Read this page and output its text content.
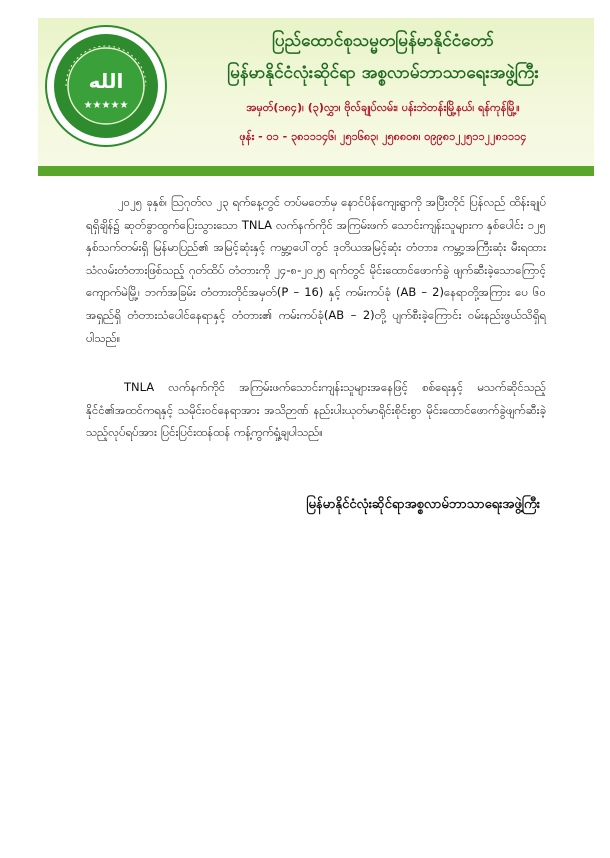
الله
★★★★★
ပြည်ထောင်စုသမ္မတမြန်မာနိုင်ငံတော်
မြန်မာနိုင်ငံလုံးဆိုင်ရာ အစ္စလာမ်ဘာသာရေးအဖွဲ့ကြီး
အမှတ်(၁၈၄)၊ (၃)လွှာ၊ ဗိုလ်ချုပ်လမ်း၊ ပန်းဘဲတန်းမြို့နယ်၊ ရန်ကုန်မြို့။
ဖုန်း - ၀၁ - ၃၈၁၁၁၄၆၊ ၂၅၁၆၈၃၊ ၂၅၈၈၀၈၊ ၀၉၉၈၁၂၂၅၁၁၂၂၈၁၁၁၄
၂၀၂၅ ခုနှစ်၊ ဩဂုတ်လ ၂၃ ရက်နေ့တွင် တပ်မတော်မှ နောင်ပိန်ကျေးရွာကို အပြီးတိုင် ပြန်လည် ထိန်းချုပ်ရရှိချိန်၌ ဆုတ်ခွာထွက်ပြေးသွားသော TNLA လက်နက်ကိုင် အကြမ်းဖက် သောင်းကျန်းသူများက နှစ်ပေါင်း ၁၂၅ နှစ်သက်တမ်းရှိ မြန်မာပြည်၏ အမြင့်ဆုံးနှင့် ကမ္ဘာ့ပေါ်တွင် ဒုတိယအမြင့်ဆုံး တံတား၊ ကမ္ဘာ့အကြီးဆုံး မီးရထားသံလမ်းတံတားဖြစ်သည့် ဂုတ်ထိပ် တံတားကို ၂၄-၈-၂၀၂၅ ရက်တွင် မိုင်းထောင်ဖောက်ခွဲ ဖျက်ဆီးခဲ့သောကြောင့် ကျောက်မဲမြို့၊ ဘက်အခြမ်း တံတားတိုင်အမှတ်(P – 16) နှင့် ကမ်းကပ်ခုံ (AB – 2)နေရာတို့အကြား ပေ ၆၀ အရှည်ရှိ တံတားသံပေါင်နေရာနှင့် တံတား၏ ကမ်းကပ်ခုံ(AB – 2)တို့ ပျက်စီးခဲ့ကြောင်း ဝမ်းနည်းဖွယ်သိရှိရပါသည်။
TNLA လက်နက်ကိုင် အကြမ်းဖက်သောင်းကျန်းသူများအနေဖြင့် စစ်ရေးနှင့် မသက်ဆိုင်သည့် နိုင်ငံ၏အထင်ကရနှင့် သမိုင်းဝင်နေရာအား အသိဉာဏ် နည်းပါးယုတ်မာရိုင်းစိုင်းစွာ မိုင်းထောင်ဖောက်ခွဲဖျက်ဆီးခဲ့သည့်လုပ်ရပ်အား ပြင်းပြင်းထန်ထန် ကန့်ကွက်ရှုံ့ချပါသည်။
မြန်မာနိုင်ငံလုံးဆိုင်ရာအစ္စလာမ်ဘာသာရေးအဖွဲ့ကြီး
